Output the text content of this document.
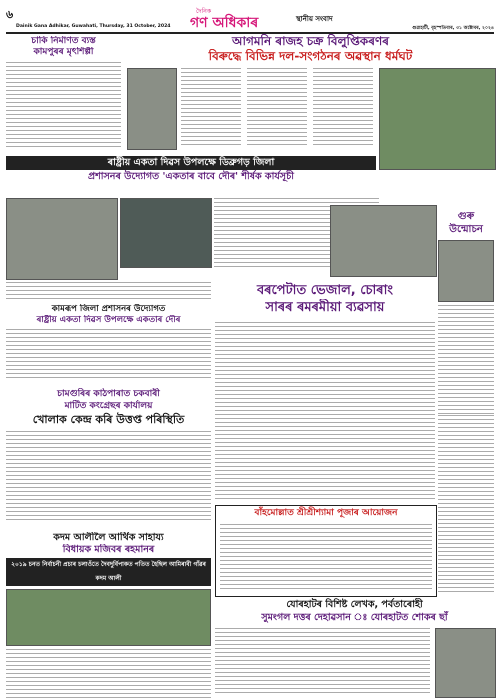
৬	দৈনিক
গণ অধিকাৰ	স্থানীয় সংবাদ
Dainik Gana Adhikar, Guwahati, Thursday, 31 October, 2024	গুৱাহাটী, বৃহস্পতিবাৰ, ৩১ অক্টোবৰ, ২০২৪
চাকি নির্মাণত ব্যস্ত
কামপুৰৰ মৃৎশিল্পী
আগমনি ৰাজহ চক্ৰ বিলুপ্তিকৰণৰ
বিৰুদ্ধে বিভিন্ন দল-সংগঠনৰ অৱস্থান ধর্মঘট
ৰাষ্ট্ৰীয় একতা দিৱস উপলক্ষে ডিব্ৰুগড় জিলা
প্ৰশাসনৰ উদ্যোগত 'একতাৰ বাবে দৌৰ' শীৰ্ষক কাৰ্যসূচী
কামৰূপ জিলা প্ৰশাসনৰ উদ্যোগত
ৰাষ্ট্ৰীয় একতা দিৱস উপলক্ষে একতাৰ দৌৰ
চামগুৰিৰ কাঠপাৰাত চকবাৰী
মাটিত কংগ্ৰেছৰ কাৰ্যালয়
খোলাক কেন্দ্ৰ কৰি উত্তপ্ত পৰিস্থিতি
বৰপেটাত ভেজাল, চোৰাং
সাৰৰ ৰমৰমীয়া ব্যৱসায়
গুৰু
উন্মোচন
কদম আলীলৈ আৰ্থিক সাহায্য
বিধায়ক মজিবৰ ৰহমানৰ
২০১৯ চনত নিৰ্বাচনী প্ৰচাৰ চলাওঁতে দৈবদুৰ্বিপাকত পতিত হৈছিল আমিৰাবী গাঁৱৰ কদম আলী
বাঁহমোল্লাত শ্ৰীশ্ৰীশ্যামা পূজাৰ আয়োজন
যোৰহাটৰ বিশিষ্ট লেখক, পৰ্বতাৰোহী
সুমংগল দত্তৰ দেহাৱসান ঃ যোৰহাটত শোকৰ ছাঁ
